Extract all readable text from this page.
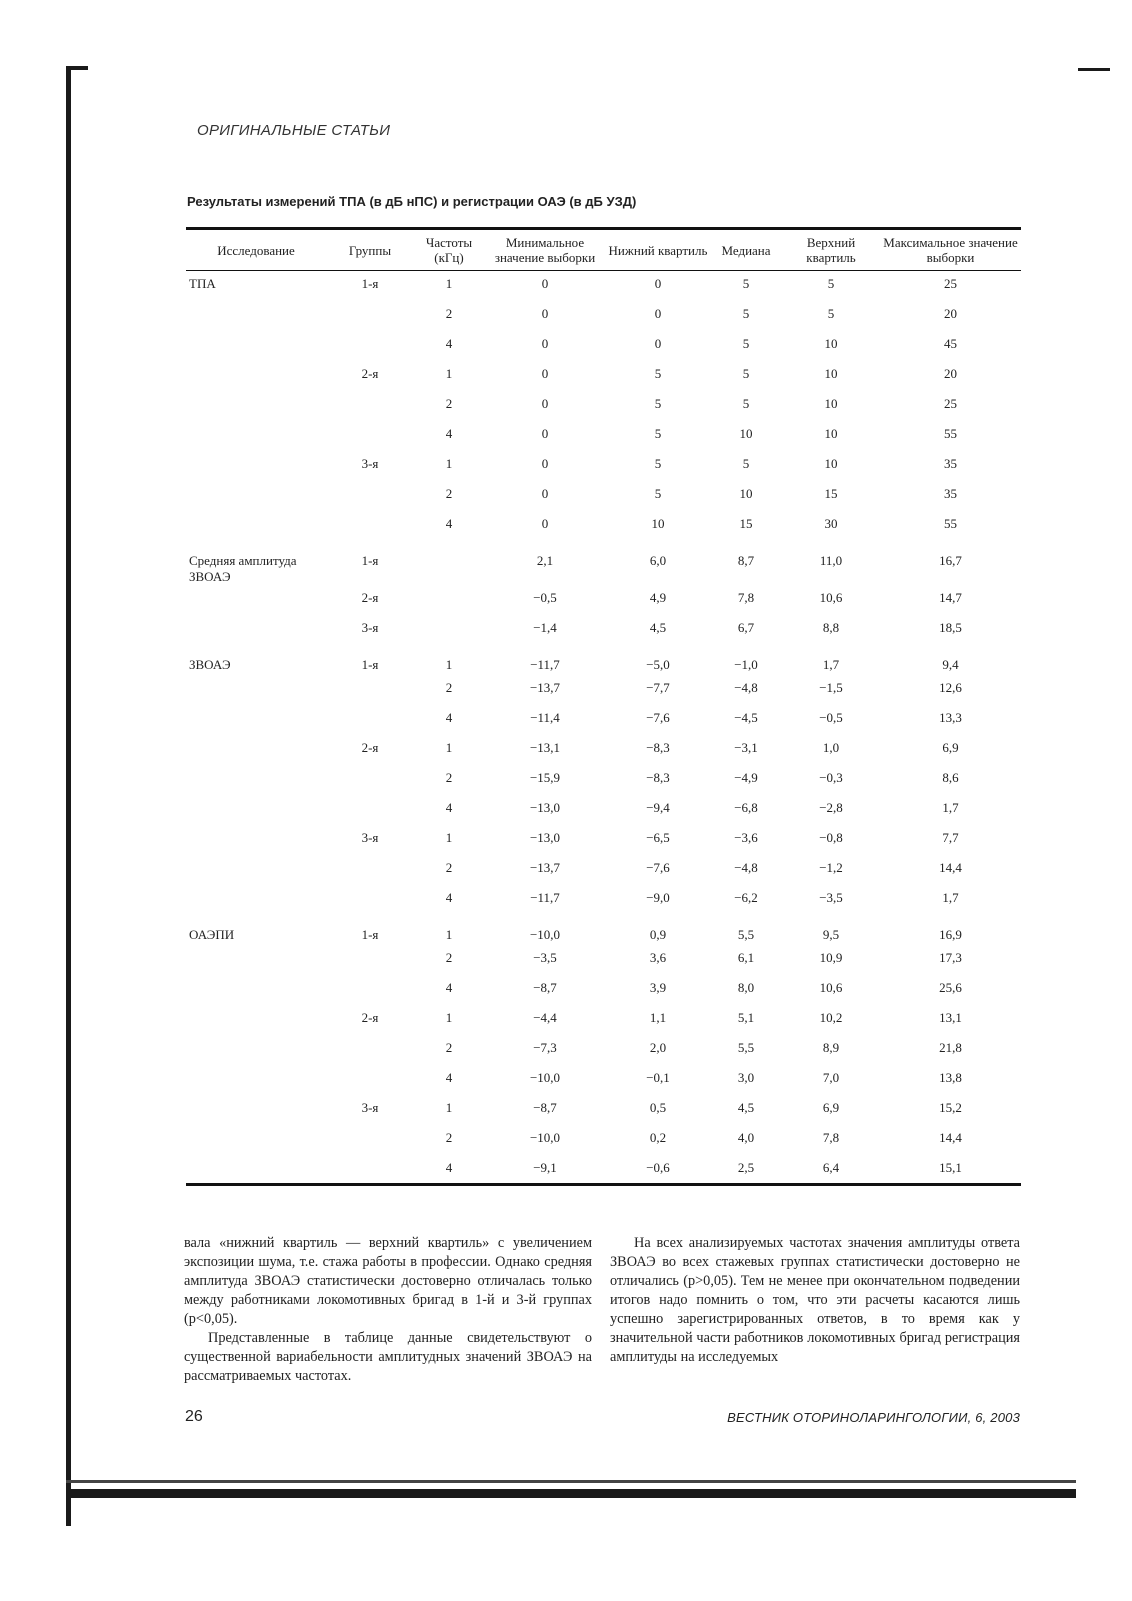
ОРИГИНАЛЬНЫЕ СТАТЬИ
Результаты измерений ТПА (в дБ нПС) и регистрации ОАЭ (в дБ УЗД)
Исследование	Группы	Частоты (кГц)	Минимальное значение выборки	Нижний квартиль	Медиана	Верхний квартиль	Максимальное значение выборки
ТПА	1-я	1	0	0	5	5	25
		2	0	0	5	5	20
		4	0	0	5	10	45
	2-я	1	0	5	5	10	20
		2	0	5	5	10	25
		4	0	5	10	10	55
	3-я	1	0	5	5	10	35
		2	0	5	10	15	35
		4	0	10	15	30	55
Средняя амплитуда ЗВОАЭ	1-я		2,1	6,0	8,7	11,0	16,7
	2-я		−0,5	4,9	7,8	10,6	14,7
	3-я		−1,4	4,5	6,7	8,8	18,5
ЗВОАЭ	1-я	1	−11,7	−5,0	−1,0	1,7	9,4
		2	−13,7	−7,7	−4,8	−1,5	12,6
		4	−11,4	−7,6	−4,5	−0,5	13,3
	2-я	1	−13,1	−8,3	−3,1	1,0	6,9
		2	−15,9	−8,3	−4,9	−0,3	8,6
		4	−13,0	−9,4	−6,8	−2,8	1,7
	3-я	1	−13,0	−6,5	−3,6	−0,8	7,7
		2	−13,7	−7,6	−4,8	−1,2	14,4
		4	−11,7	−9,0	−6,2	−3,5	1,7
ОАЭПИ	1-я	1	−10,0	0,9	5,5	9,5	16,9
		2	−3,5	3,6	6,1	10,9	17,3
		4	−8,7	3,9	8,0	10,6	25,6
	2-я	1	−4,4	1,1	5,1	10,2	13,1
		2	−7,3	2,0	5,5	8,9	21,8
		4	−10,0	−0,1	3,0	7,0	13,8
	3-я	1	−8,7	0,5	4,5	6,9	15,2
		2	−10,0	0,2	4,0	7,8	14,4
		4	−9,1	−0,6	2,5	6,4	15,1

вала «нижний квартиль — верхний квартиль» с увеличением экспозиции шума, т.е. стажа работы в профессии. Однако средняя амплитуда ЗВОАЭ статистически достоверно отличалась только между работниками локомотивных бригад в 1-й и 3-й группах (p<0,05).

Представленные в таблице данные свидетельствуют о существенной вариабельности амплитудных значений ЗВОАЭ на рассматриваемых частотах.

На всех анализируемых частотах значения амплитуды ответа ЗВОАЭ во всех стажевых группах статистически достоверно не отличались (p>0,05). Тем не менее при окончательном подведении итогов надо помнить о том, что эти расчеты касаются лишь успешно зарегистрированных ответов, в то время как у значительной части работников локомотивных бригад регистрация амплитуды на исследуемых

26	ВЕСТНИК ОТОРИНОЛАРИНГОЛОГИИ, 6, 2003
